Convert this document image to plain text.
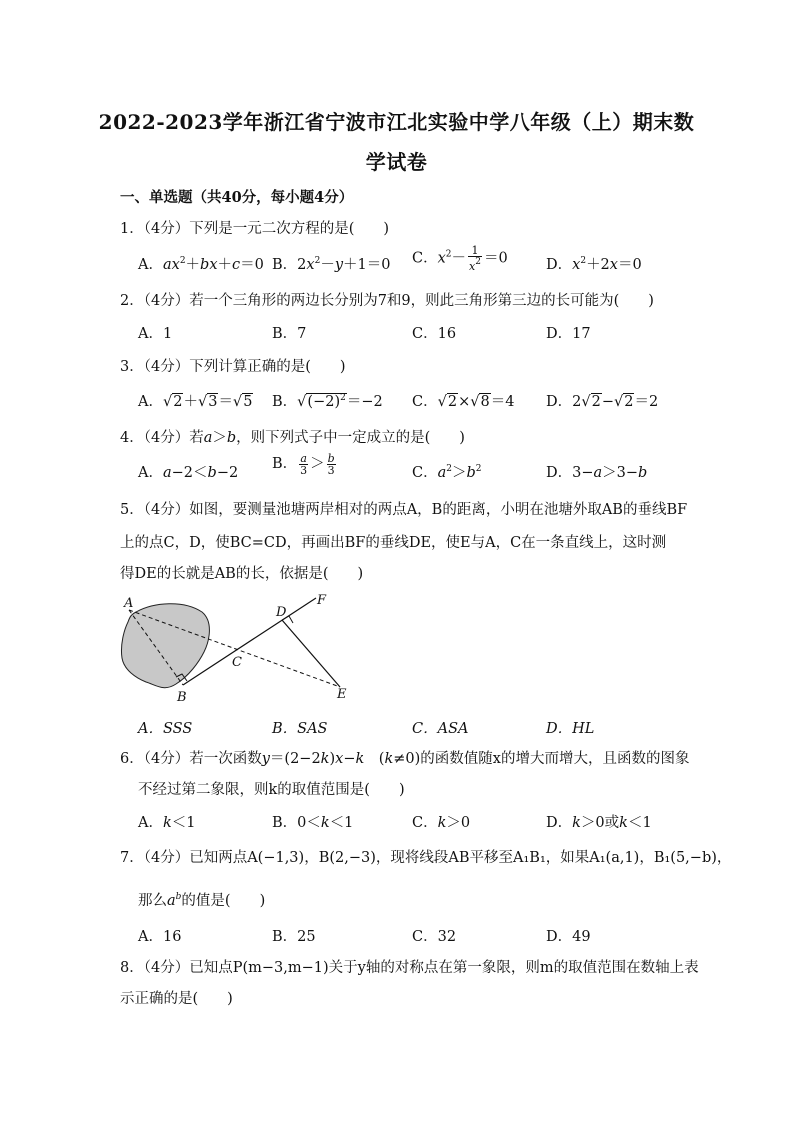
2022-2023学年浙江省宁波市江北实验中学八年级（上）期末数
学试卷
一、单选题（共40分，每小题4分）
1．（4分）下列是一元二次方程的是(　　)
A．$ax^2+bx+c=0$ B．$2x^2-y+1=0$ C．$x^2- \frac{1}{x^2} =0$	D．$x^2+2x=0$
2．（4分）若一个三角形的两边长分别为7和9，则此三角形第三边的长可能为(　　)
A．1	B．7	C．16	D．17
3．（4分）下列计算正确的是(　　)
A．√2＋√3＝√5 B．$√(-2)^2=-2$ C．√2×√8＝4 D．2√2−√2＝2
4．（4分）若a＞b，则下列式子中一定成立的是(　　)
A．a−2＜b−2
B． $\frac{a}{3} > \frac{b}{3}$	C．$a^2>b^2$	D．3−a＞3−b
5．（4分）如图，要测量池塘两岸相对的两点A，B的距离，小明在池塘外取AB的垂线BF
上的点C，D，使BC=CD，再画出BF的垂线DE，使E与A，C在一条直线上，这时测
得DE的长就是AB的长，依据是(　　)
A
B
C
D
E
F
A．SSS	B．SAS	C．ASA	D．HL
6．（4分）若一次函数y＝(2−2k)x−k　(k≠0)的函数值随x的增大而增大，且函数的图象
不经过第二象限，则k的取值范围是(　　)
A．k＜1	B．0＜k＜1	C．k＞0	D．k＞0或k＜1
7．（4分）已知两点A(−1,3)，B(2,−3)，现将线段AB平移至A₁B₁，如果A₁(a,1)，B₁(5,−b)，
那么$a^b$的值是(　　)
A．16	B．25	C．32	D．49
8．（4分）已知点P(m−3,m−1)关于y轴的对称点在第一象限，则m的取值范围在数轴上表
示正确的是(　　)
